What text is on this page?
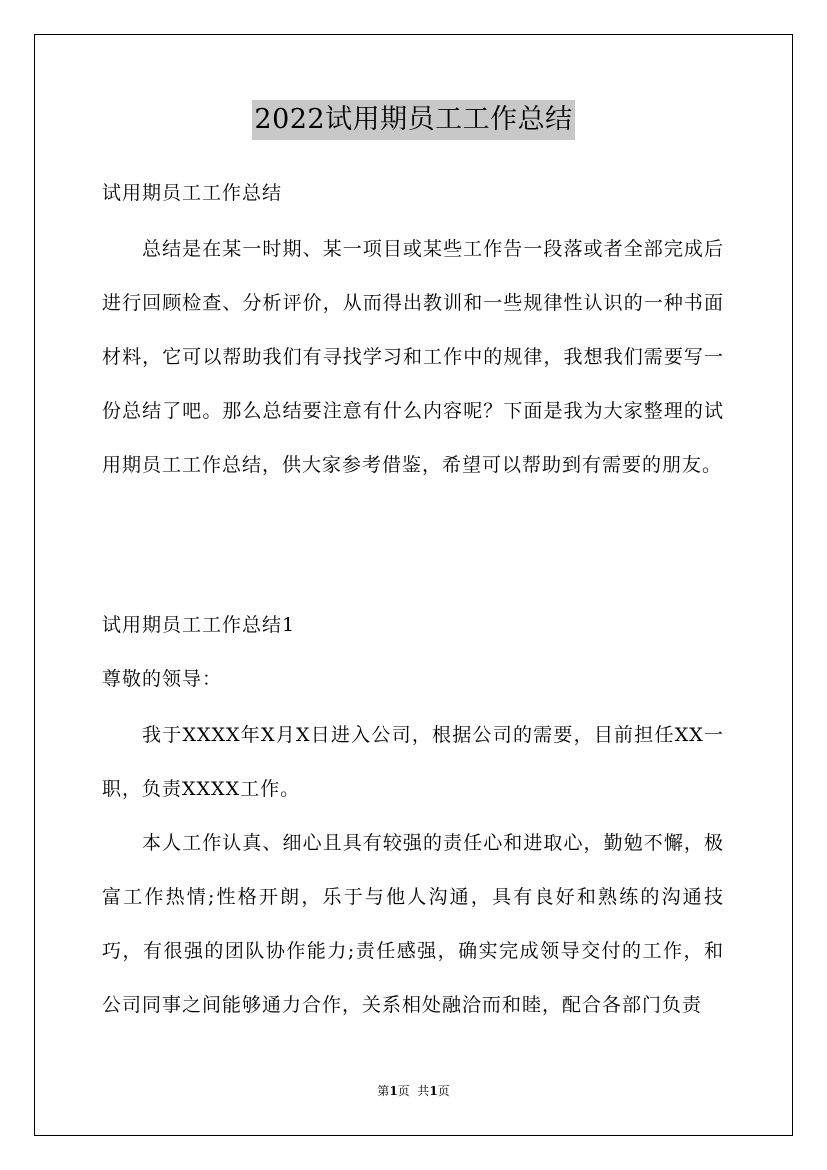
2022试用期员工工作总结

试用期员工工作总结

总结是在某一时期、某一项目或某些工作告一段落或者全部完成后进行回顾检查、分析评价，从而得出教训和一些规律性认识的一种书面材料，它可以帮助我们有寻找学习和工作中的规律，我想我们需要写一份总结了吧。那么总结要注意有什么内容呢？下面是我为大家整理的试用期员工工作总结，供大家参考借鉴，希望可以帮助到有需要的朋友。

试用期员工工作总结1

尊敬的领导：

我于XXXX年X月X日进入公司，根据公司的需要，目前担任XX一职，负责XXXX工作。

本人工作认真、细心且具有较强的责任心和进取心，勤勉不懈，极富工作热情;性格开朗，乐于与他人沟通，具有良好和熟练的沟通技巧，有很强的团队协作能力;责任感强，确实完成领导交付的工作，和公司同事之间能够通力合作，关系相处融洽而和睦，配合各部门负责

第1页  共1页
